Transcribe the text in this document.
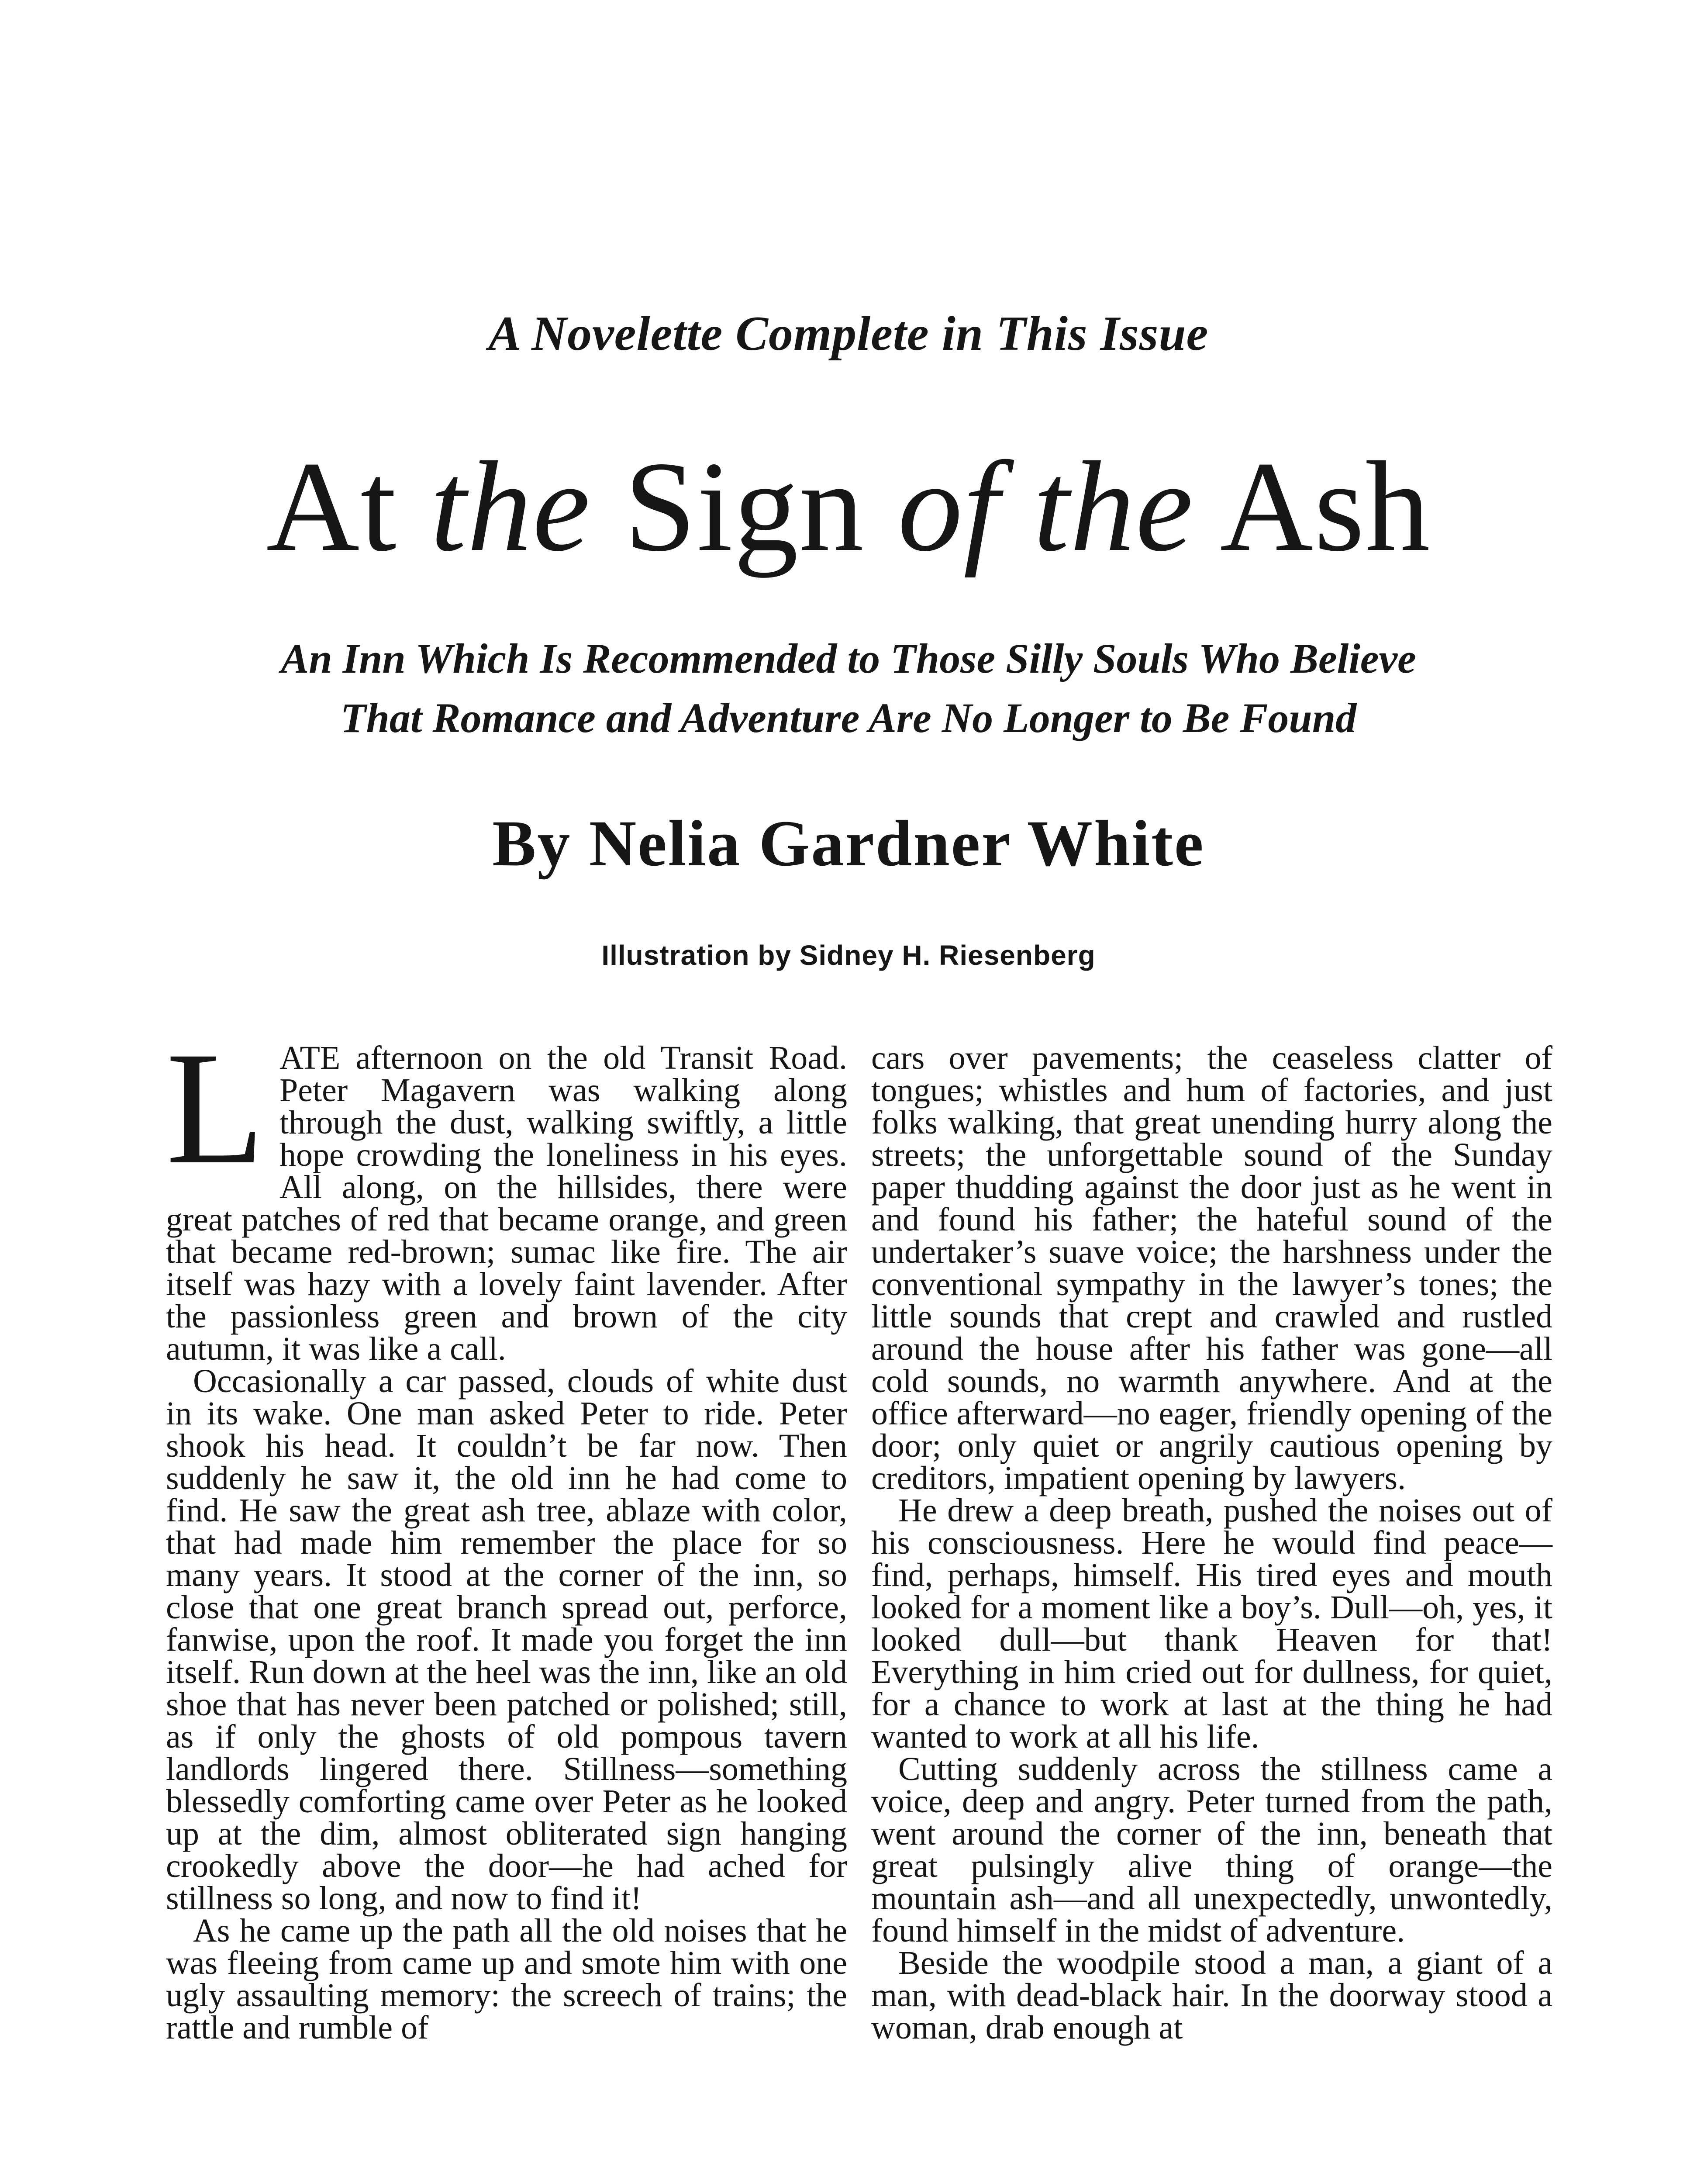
A Novelette Complete in This Issue
At the Sign of the Ash
An Inn Which Is Recommended to Those Silly Souls Who Believe
That Romance and Adventure Are No Longer to Be Found
By Nelia Gardner White
Illustration by Sidney H. Riesenberg

LATE afternoon on the old Transit Road. Peter Magavern was walking along through the dust, walking swiftly, a little hope crowding the loneliness in his eyes. All along, on the hillsides, there were great patches of red that became orange, and green that became red-brown; sumac like fire. The air itself was hazy with a lovely faint lavender. After the passionless green and brown of the city autumn, it was like a call.

Occasionally a car passed, clouds of white dust in its wake. One man asked Peter to ride. Peter shook his head. It couldn’t be far now. Then suddenly he saw it, the old inn he had come to find. He saw the great ash tree, ablaze with color, that had made him remember the place for so many years. It stood at the corner of the inn, so close that one great branch spread out, perforce, fanwise, upon the roof. It made you forget the inn itself. Run down at the heel was the inn, like an old shoe that has never been patched or polished; still, as if only the ghosts of old pompous tavern landlords lingered there. Stillness—something blessedly comforting came over Peter as he looked up at the dim, almost obliterated sign hanging crookedly above the door—he had ached for stillness so long, and now to find it!

As he came up the path all the old noises that he was fleeing from came up and smote him with one ugly assaulting memory: the screech of trains; the rattle and rumble of

cars over pavements; the ceaseless clatter of tongues; whistles and hum of factories, and just folks walking, that great unending hurry along the streets; the unforgettable sound of the Sunday paper thudding against the door just as he went in and found his father; the hateful sound of the undertaker’s suave voice; the harshness under the conventional sympathy in the lawyer’s tones; the little sounds that crept and crawled and rustled around the house after his father was gone—all cold sounds, no warmth anywhere. And at the office afterward—no eager, friendly opening of the door; only quiet or angrily cautious opening by creditors, impatient opening by lawyers.

He drew a deep breath, pushed the noises out of his consciousness. Here he would find peace—find, perhaps, himself. His tired eyes and mouth looked for a moment like a boy’s. Dull—oh, yes, it looked dull—but thank Heaven for that! Everything in him cried out for dullness, for quiet, for a chance to work at last at the thing he had wanted to work at all his life.

Cutting suddenly across the stillness came a voice, deep and angry. Peter turned from the path, went around the corner of the inn, beneath that great pulsingly alive thing of orange—the mountain ash—and all unexpectedly, unwontedly, found himself in the midst of adventure.

Beside the woodpile stood a man, a giant of a man, with dead-black hair. In the doorway stood a woman, drab enough at
